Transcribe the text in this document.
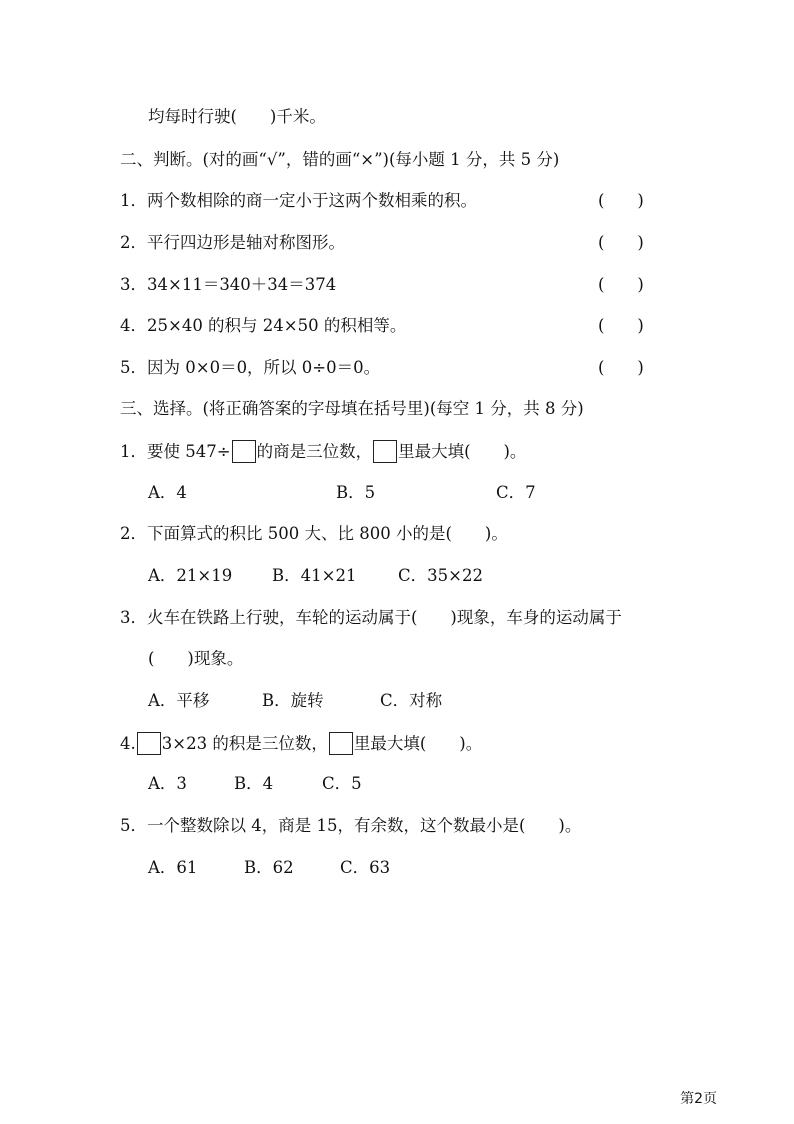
均每时行驶(　　)千米。
二、判断。(对的画“√”，错的画“×”)(每小题 1 分，共 5 分)
1．两个数相除的商一定小于这两个数相乘的积。	(　　)
2．平行四边形是轴对称图形。	(　　)
3．34×11＝340＋34＝374	(　　)
4．25×40 的积与 24×50 的积相等。	(　　)
5．因为 0×0＝0，所以 0÷0＝0。	(　　)
三、选择。(将正确答案的字母填在括号里)(每空 1 分，共 8 分)
1．要使 547÷ 的商是三位数， 里最大填(　　)。
A．4	B．5	C．7
2．下面算式的积比 500 大、比 800 小的是(　　)。
A．21×19 B．41×21	C．35×22
3．火车在铁路上行驶，车轮的运动属于(　　)现象，车身的运动属于
(　　)现象。
A．平移	B．旋转	C．对称
4. 3×23 的积是三位数， 里最大填(　　)。
A．3	B．4	C．5
5．一个整数除以 4，商是 15，有余数，这个数最小是(　　)。
A．61	B．62	C．63
第2页
